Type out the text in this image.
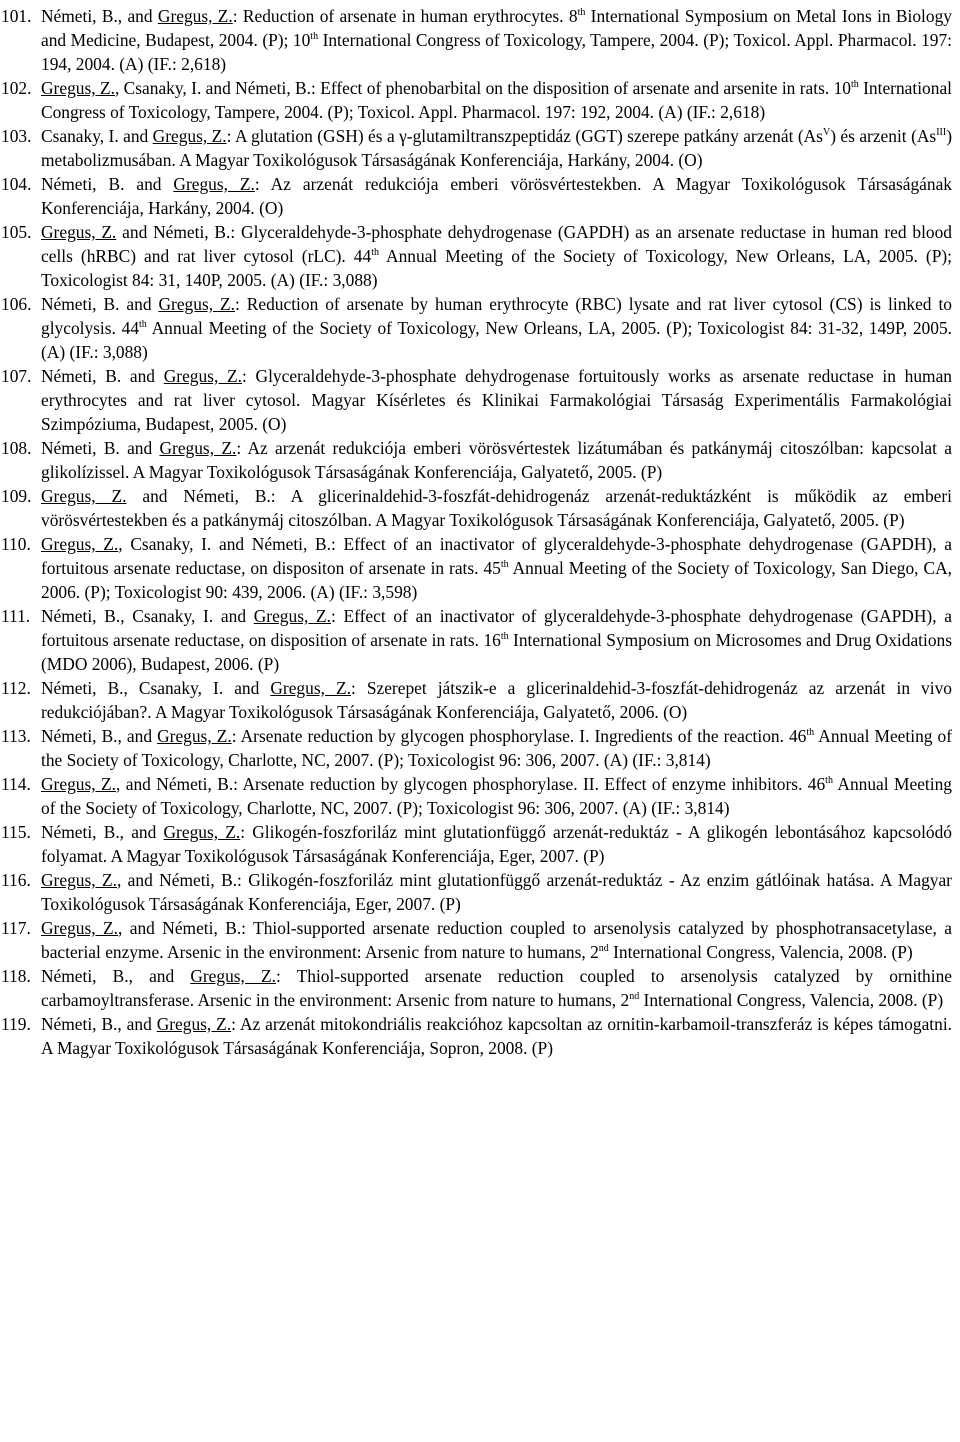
101. Németi, B., and Gregus, Z.: Reduction of arsenate in human erythrocytes. 8th International Symposium on Metal Ions in Biology and Medicine, Budapest, 2004. (P); 10th International Congress of Toxicology, Tampere, 2004. (P); Toxicol. Appl. Pharmacol. 197: 194, 2004. (A) (IF.: 2,618)
102. Gregus, Z., Csanaky, I. and Németi, B.: Effect of phenobarbital on the disposition of arsenate and arsenite in rats. 10th International Congress of Toxicology, Tampere, 2004. (P); Toxicol. Appl. Pharmacol. 197: 192, 2004. (A) (IF.: 2,618)
103. Csanaky, I. and Gregus, Z.: A glutation (GSH) és a γ-glutamiltranszpeptidáz (GGT) szerepe patkány arzenát $(As^V)$ és arzenit $(As^{III})$ metabolizmusában. A Magyar Toxikológusok Társaságának Konferenciája, Harkány, 2004. (O)
104. Németi, B. and Gregus, Z.: Az arzenát redukciója emberi vörösvértestekben. A Magyar Toxikológusok Társaságának Konferenciája, Harkány, 2004. (O)
105. Gregus, Z. and Németi, B.: Glyceraldehyde-3-phosphate dehydrogenase (GAPDH) as an arsenate reductase in human red blood cells (hRBC) and rat liver cytosol (rLC). 44th Annual Meeting of the Society of Toxicology, New Orleans, LA, 2005. (P); Toxicologist 84: 31, 140P, 2005. (A) (IF.: 3,088)
106. Németi, B. and Gregus, Z.: Reduction of arsenate by human erythrocyte (RBC) lysate and rat liver cytosol (CS) is linked to glycolysis. 44th Annual Meeting of the Society of Toxicology, New Orleans, LA, 2005. (P); Toxicologist 84: 31-32, 149P, 2005. (A) (IF.: 3,088)
107. Németi, B. and Gregus, Z.: Glyceraldehyde-3-phosphate dehydrogenase fortuitously works as arsenate reductase in human erythrocytes and rat liver cytosol. Magyar Kísérletes és Klinikai Farmakológiai Társaság Experimentális Farmakológiai Szimpóziuma, Budapest, 2005. (O)
108. Németi, B. and Gregus, Z.: Az arzenát redukciója emberi vörösvértestek lizátumában és patkánymáj citoszólban: kapcsolat a glikolízissel. A Magyar Toxikológusok Társaságának Konferenciája, Galyatető, 2005. (P)
109. Gregus, Z. and Németi, B.: A glicerinaldehid-3-foszfát-dehidrogenáz arzenát-reduktázként is működik az emberi vörösvértestekben és a patkánymáj citoszólban. A Magyar Toxikológusok Társaságának Konferenciája, Galyatető, 2005. (P)
110. Gregus, Z., Csanaky, I. and Németi, B.: Effect of an inactivator of glyceraldehyde-3-phosphate dehydrogenase (GAPDH), a fortuitous arsenate reductase, on dispositon of arsenate in rats. 45th Annual Meeting of the Society of Toxicology, San Diego, CA, 2006. (P); Toxicologist 90: 439, 2006. (A) (IF.: 3,598)
111. Németi, B., Csanaky, I. and Gregus, Z.: Effect of an inactivator of glyceraldehyde-3-phosphate dehydrogenase (GAPDH), a fortuitous arsenate reductase, on disposition of arsenate in rats. 16th International Symposium on Microsomes and Drug Oxidations (MDO 2006), Budapest, 2006. (P)
112. Németi, B., Csanaky, I. and Gregus, Z.: Szerepet játszik-e a glicerinaldehid-3-foszfát-dehidrogenáz az arzenát in vivo redukciójában?. A Magyar Toxikológusok Társaságának Konferenciája, Galyatető, 2006. (O)
113. Németi, B., and Gregus, Z.: Arsenate reduction by glycogen phosphorylase. I. Ingredients of the reaction. 46th Annual Meeting of the Society of Toxicology, Charlotte, NC, 2007. (P); Toxicologist 96: 306, 2007. (A) (IF.: 3,814)
114. Gregus, Z., and Németi, B.: Arsenate reduction by glycogen phosphorylase. II. Effect of enzyme inhibitors. 46th Annual Meeting of the Society of Toxicology, Charlotte, NC, 2007. (P); Toxicologist 96: 306, 2007. (A) (IF.: 3,814)
115. Németi, B., and Gregus, Z.: Glikogén-foszforiláz mint glutationfüggő arzenát-reduktáz - A glikogén lebontásához kapcsolódó folyamat. A Magyar Toxikológusok Társaságának Konferenciája, Eger, 2007. (P)
116. Gregus, Z., and Németi, B.: Glikogén-foszforiláz mint glutationfüggő arzenát-reduktáz - Az enzim gátlóinak hatása. A Magyar Toxikológusok Társaságának Konferenciája, Eger, 2007. (P)
117. Gregus, Z., and Németi, B.: Thiol-supported arsenate reduction coupled to arsenolysis catalyzed by phosphotransacetylase, a bacterial enzyme. Arsenic in the environment: Arsenic from nature to humans, 2nd International Congress, Valencia, 2008. (P)
118. Németi, B., and Gregus, Z.: Thiol-supported arsenate reduction coupled to arsenolysis catalyzed by ornithine carbamoyltransferase. Arsenic in the environment: Arsenic from nature to humans, 2nd International Congress, Valencia, 2008. (P)
119. Németi, B., and Gregus, Z.: Az arzenát mitokondriális reakcióhoz kapcsoltan az ornitin-karbamoil-transzferáz is képes támogatni. A Magyar Toxikológusok Társaságának Konferenciája, Sopron, 2008. (P)
